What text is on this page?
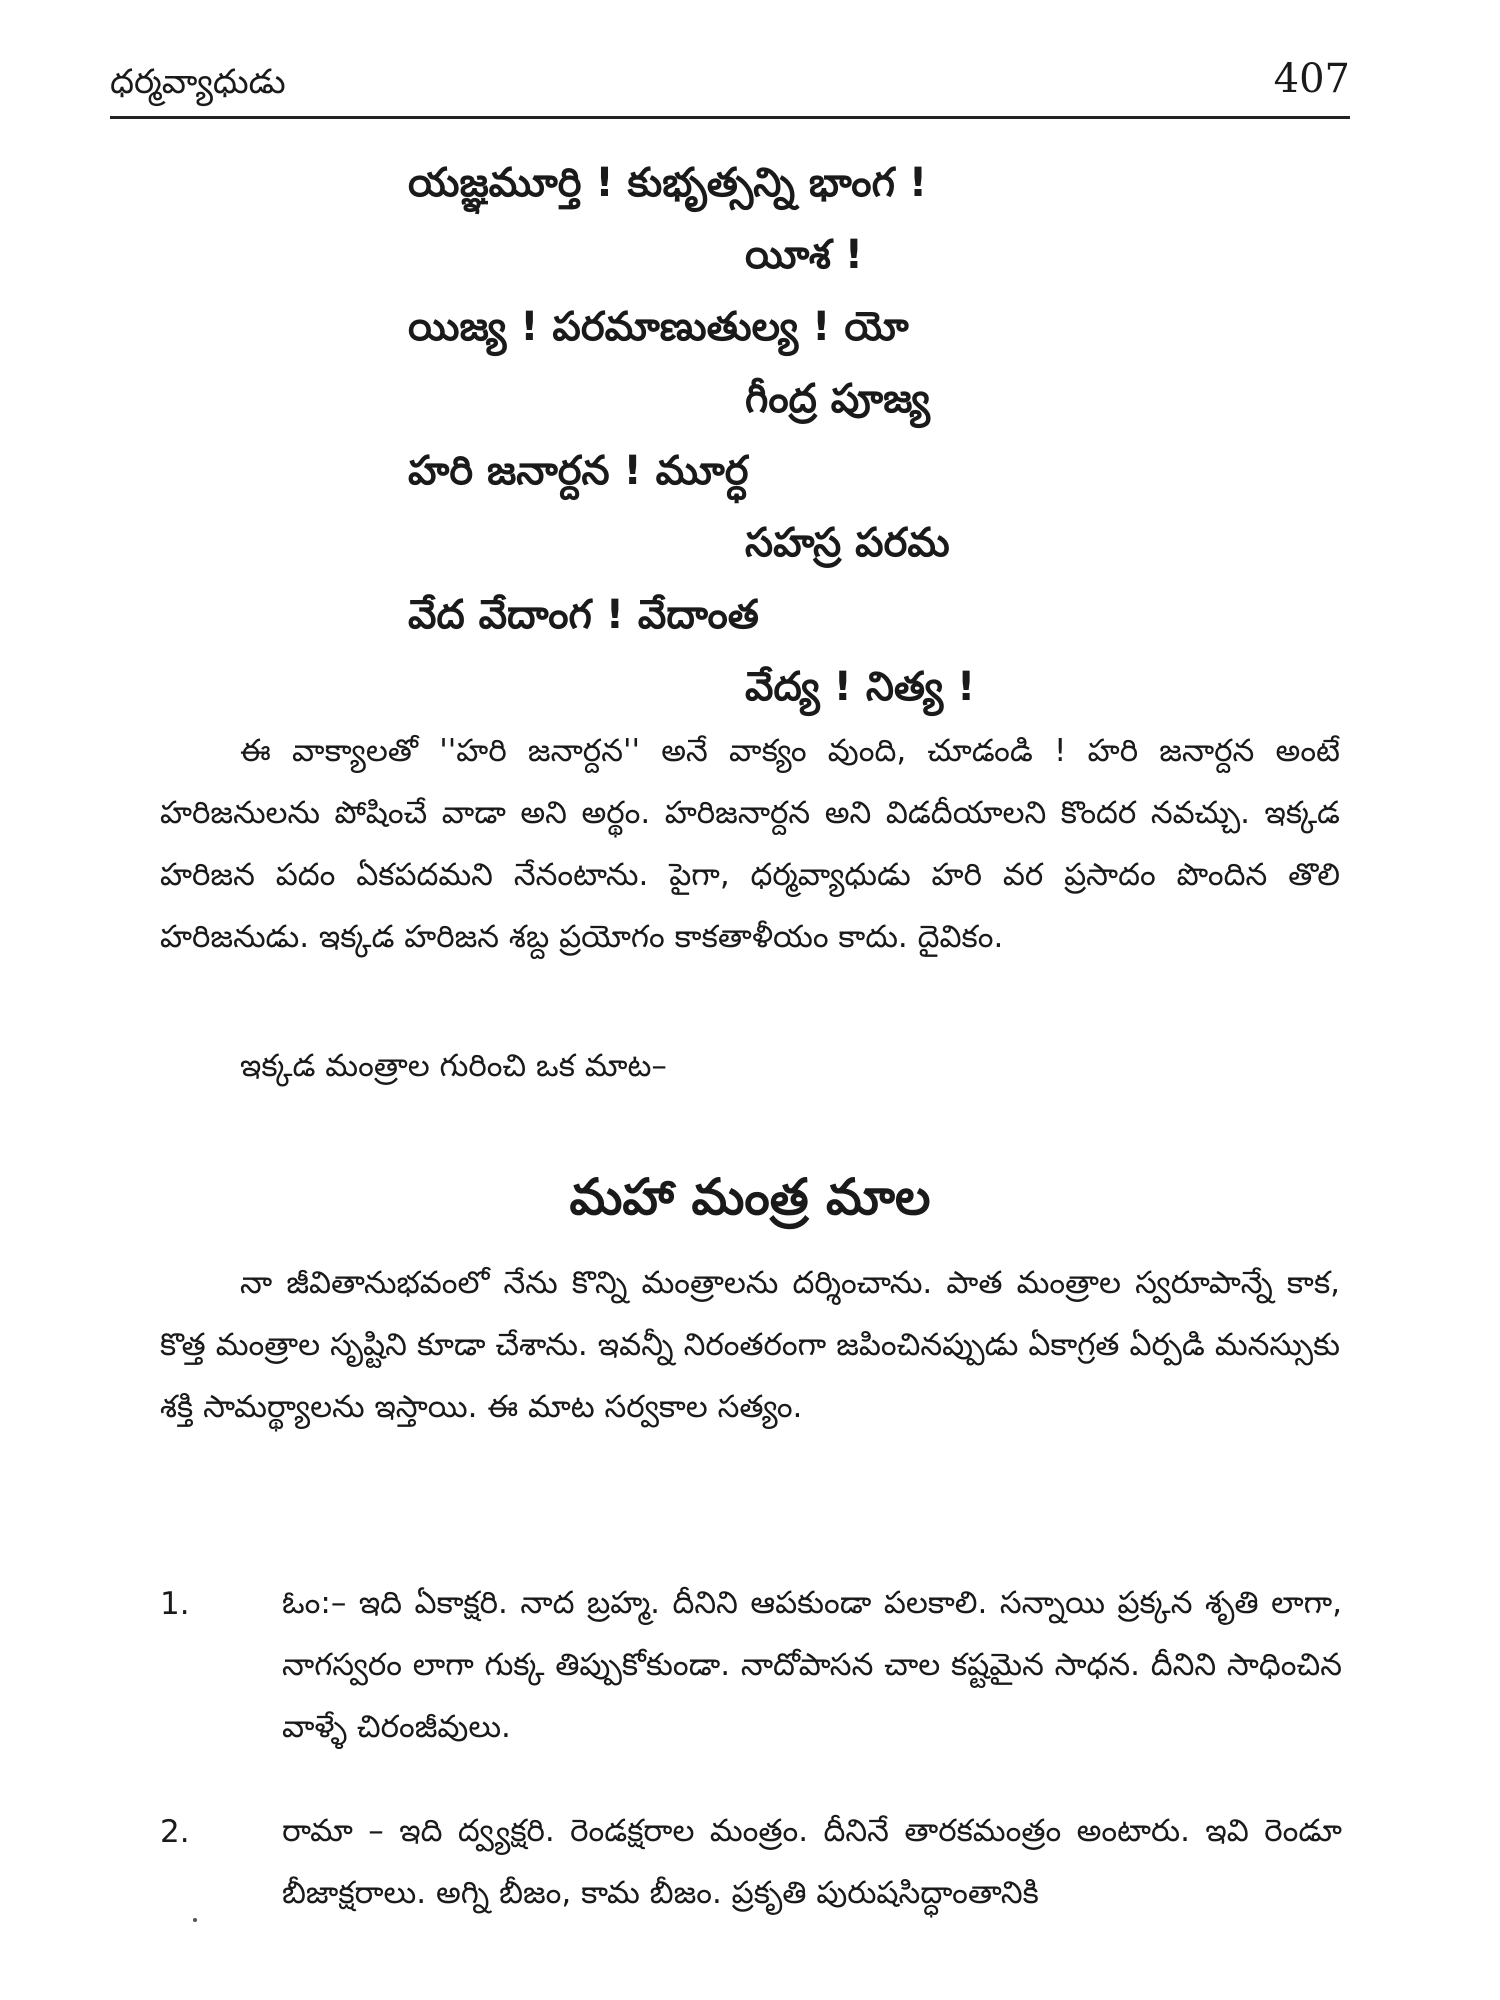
ధర్మవ్యాధుడు	407
యజ్ఞమూర్తి ! కుభృత్సన్ని భాంగ !
యీశ !
యిజ్య ! పరమాణుతుల్య ! యో
గీంద్ర పూజ్య
హరి జనార్దన ! మూర్ధ
సహస్ర పరమ
వేద వేదాంగ ! వేదాంత
వేద్య ! నిత్య !
ఈ వాక్యాలతో ''హరి జనార్దన'' అనే వాక్యం వుంది, చూడండి ! హరి జనార్దన అంటే హరిజనులను పోషించే వాడా అని అర్థం. హరిజనార్దన అని విడదీయాలని కొందర నవచ్చు. ఇక్కడ హరిజన పదం ఏకపదమని నేనంటాను. పైగా, ధర్మవ్యాధుడు హరి వర ప్రసాదం పొందిన తొలి హరిజనుడు. ఇక్కడ హరిజన శబ్ద ప్రయోగం కాకతాళీయం కాదు. దైవికం.
ఇక్కడ మంత్రాల గురించి ఒక మాట–
మహా మంత్ర మాల
నా జీవితానుభవంలో నేను కొన్ని మంత్రాలను దర్శించాను. పాత మంత్రాల స్వరూపాన్నే కాక, కొత్త మంత్రాల సృష్టిని కూడా చేశాను. ఇవన్నీ నిరంతరంగా జపించినప్పుడు ఏకాగ్రత ఏర్పడి మనస్సుకు శక్తి సామర్థ్యాలను ఇస్తాయి. ఈ మాట సర్వకాల సత్యం.
1.	ఓం:– ఇది ఏకాక్షరి. నాద బ్రహ్మ. దీనిని ఆపకుండా పలకాలి. సన్నాయి ప్రక్కన శృతి లాగా, నాగస్వరం లాగా గుక్క తిప్పుకోకుండా. నాదోపాసన చాల కష్టమైన సాధన. దీనిని సాధించిన వాళ్ళే చిరంజీవులు.
2.	రామా – ఇది ద్వ్యక్షరి. రెండక్షరాల మంత్రం. దీనినే తారకమంత్రం అంటారు. ఇవి రెండూ బీజాక్షరాలు. అగ్ని బీజం, కామ బీజం. ప్రకృతి పురుషసిద్ధాంతానికి
